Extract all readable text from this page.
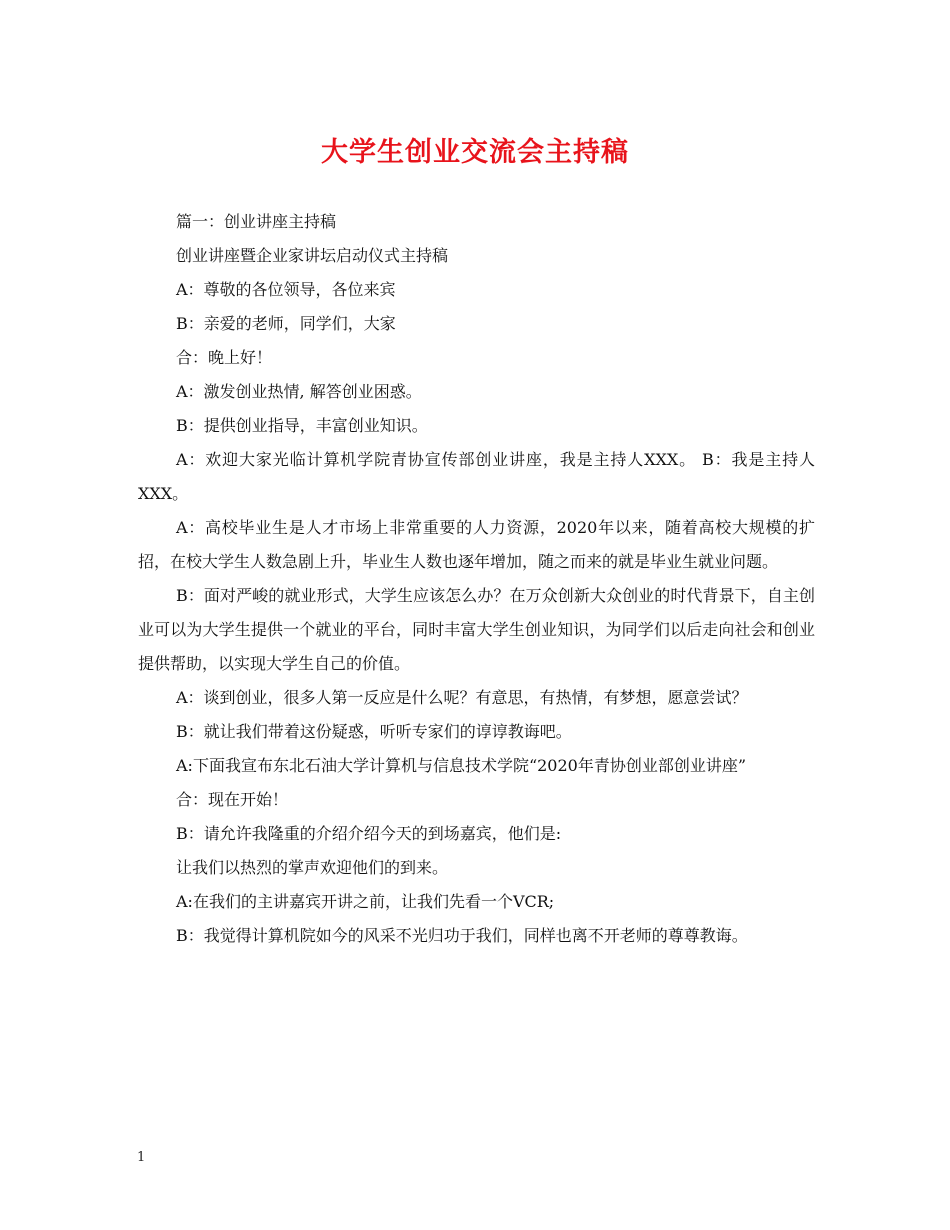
大学生创业交流会主持稿

篇一：创业讲座主持稿

创业讲座暨企业家讲坛启动仪式主持稿

A：尊敬的各位领导，各位来宾

B：亲爱的老师，同学们，大家

合：晚上好！

A：激发创业热情, 解答创业困惑。

B：提供创业指导，丰富创业知识。

A：欢迎大家光临计算机学院青协宣传部创业讲座，我是主持人XXX。 B：我是主持人XXX。

A：高校毕业生是人才市场上非常重要的人力资源，2020年以来，随着高校大规模的扩招，在校大学生人数急剧上升，毕业生人数也逐年增加，随之而来的就是毕业生就业问题。

B：面对严峻的就业形式，大学生应该怎么办？在万众创新大众创业的时代背景下，自主创业可以为大学生提供一个就业的平台，同时丰富大学生创业知识，为同学们以后走向社会和创业提供帮助，以实现大学生自己的价值。

A：谈到创业，很多人第一反应是什么呢？有意思，有热情，有梦想，愿意尝试？

B：就让我们带着这份疑惑，听听专家们的谆谆教诲吧。

A:下面我宣布东北石油大学计算机与信息技术学院“2020年青协创业部创业讲座”

合：现在开始！

B：请允许我隆重的介绍介绍今天的到场嘉宾，他们是:

让我们以热烈的掌声欢迎他们的到来。

A:在我们的主讲嘉宾开讲之前，让我们先看一个VCR;

B：我觉得计算机院如今的风采不光归功于我们，同样也离不开老师的尊尊教诲。

1
